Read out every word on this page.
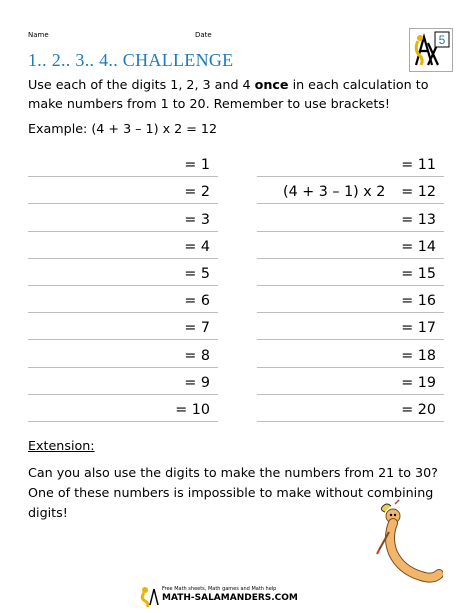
Name	Date	5
1.. 2.. 3.. 4.. CHALLENGE
Use each of the digits 1, 2, 3 and 4 once in each calculation to make numbers from 1 to 20. Remember to use brackets!
Example: (4 + 3 – 1) x 2 = 12
= 1
= 2
= 3
= 4
= 5
= 6
= 7
= 8
= 9
= 10
= 11
(4 + 3 – 1) x 2 = 12
= 13
= 14
= 15
= 16
= 17
= 18
= 19
= 20
Extension:
Can you also use the digits to make the numbers from 21 to 30?
One of these numbers is impossible to make without combining digits!
Free Math sheets, Math games and Math help
MATH-SALAMANDERS.COM
